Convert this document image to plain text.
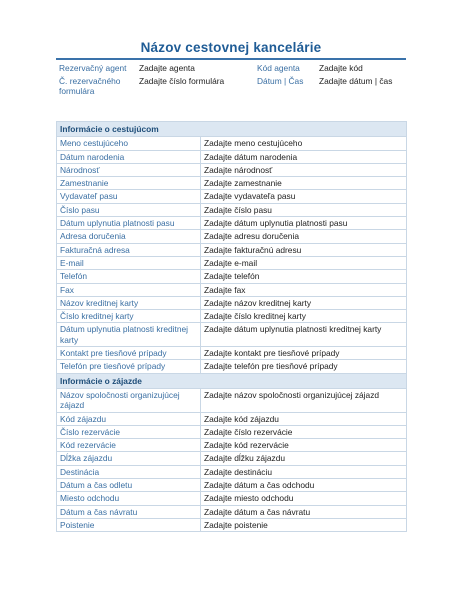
Názov cestovnej kancelárie
Rezervačný agent	Zadajte agenta	Kód agenta	Zadajte kód
Č. rezervačného formulára	Zadajte číslo formulára	Dátum | Čas	Zadajte dátum | čas
Informácie o cestujúcom	
Meno cestujúceho	Zadajte meno cestujúceho
Dátum narodenia	Zadajte dátum narodenia
Národnosť	Zadajte národnosť
Zamestnanie	Zadajte zamestnanie
Vydavateľ pasu	Zadajte vydavateľa pasu
Číslo pasu	Zadajte číslo pasu
Dátum uplynutia platnosti pasu	Zadajte dátum uplynutia platnosti pasu
Adresa doručenia	Zadajte adresu doručenia
Fakturačná adresa	Zadajte fakturačnú adresu
E-mail	Zadajte e-mail
Telefón	Zadajte telefón
Fax	Zadajte fax
Názov kreditnej karty	Zadajte názov kreditnej karty
Číslo kreditnej karty	Zadajte číslo kreditnej karty
Dátum uplynutia platnosti kreditnej karty	Zadajte dátum uplynutia platnosti kreditnej karty
Kontakt pre tiesňové prípady	Zadajte kontakt pre tiesňové prípady
Telefón pre tiesňové prípady	Zadajte telefón pre tiesňové prípady
Informácie o zájazde	
Názov spoločnosti organizujúcej zájazd	Zadajte názov spoločnosti organizujúcej zájazd
Kód zájazdu	Zadajte kód zájazdu
Číslo rezervácie	Zadajte číslo rezervácie
Kód rezervácie	Zadajte kód rezervácie
Dĺžka zájazdu	Zadajte dĺžku zájazdu
Destinácia	Zadajte destináciu
Dátum a čas odletu	Zadajte dátum a čas odchodu
Miesto odchodu	Zadajte miesto odchodu
Dátum a čas návratu	Zadajte dátum a čas návratu
Poistenie	Zadajte poistenie
